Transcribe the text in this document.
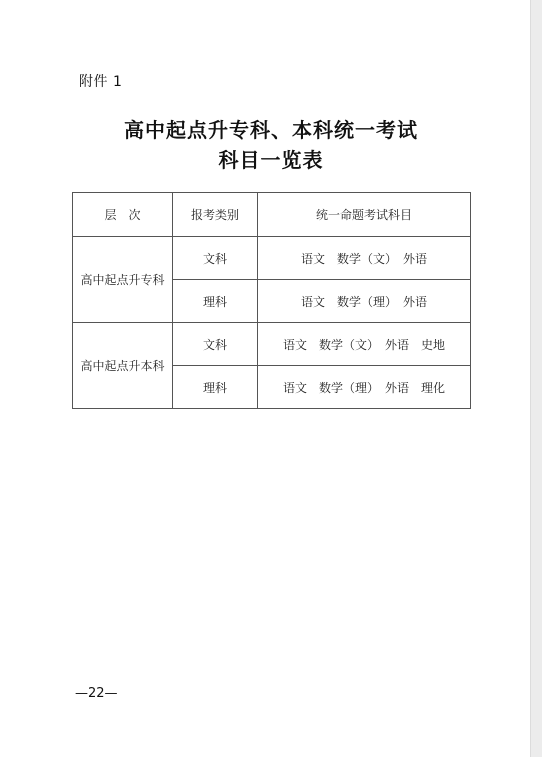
附件 1
高中起点升专科、本科统一考试
科目一览表
层　次	报考类别	统一命题考试科目
高中起点升专科	文科	语文　数学（文）　外语
	理科	语文　数学（理）　外语
高中起点升本科	文科	语文　数学（文）　外语　史地
	理科	语文　数学（理）　外语　理化
—22—
